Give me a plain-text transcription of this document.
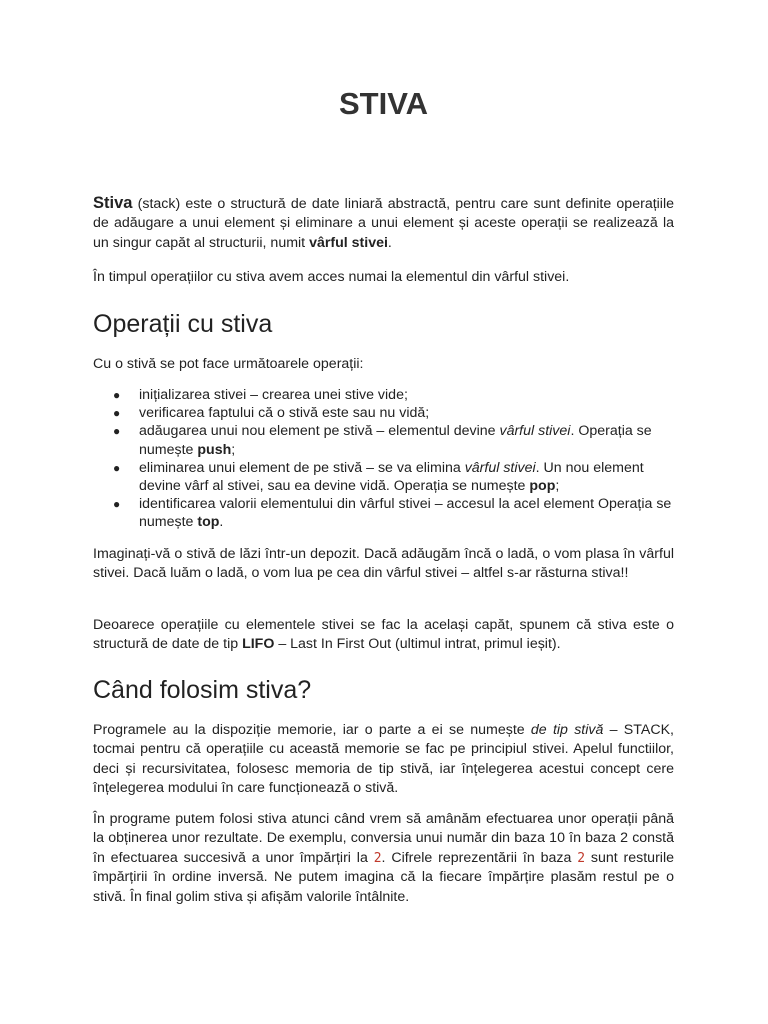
STIVA

Stiva (stack) este o structură de date liniară abstractă, pentru care sunt definite operațiile de adăugare a unui element și eliminare a unui element și aceste operații se realizează la un singur capăt al structurii, numit vârful stivei.

În timpul operațiilor cu stiva avem acces numai la elementul din vârful stivei.

Operații cu stiva

Cu o stivă se pot face următoarele operații:

● inițializarea stivei – crearea unei stive vide;
● verificarea faptului că o stivă este sau nu vidă;
● adăugarea unui nou element pe stivă – elementul devine vârful stivei. Operația se numește push;
● eliminarea unui element de pe stivă – se va elimina vârful stivei. Un nou element devine vârf al stivei, sau ea devine vidă. Operația se numește pop;
● identificarea valorii elementului din vârful stivei – accesul la acel element Operația se numește top.

Imaginați-vă o stivă de lăzi într-un depozit. Dacă adăugăm încă o ladă, o vom plasa în vârful stivei. Dacă luăm o ladă, o vom lua pe cea din vârful stivei – altfel s-ar răsturna stiva!!

Deoarece operațiile cu elementele stivei se fac la același capăt, spunem că stiva este o structură de date de tip LIFO – Last In First Out (ultimul intrat, primul ieșit).

Când folosim stiva?

Programele au la dispoziție memorie, iar o parte a ei se numește de tip stivă – STACK, tocmai pentru că operațiile cu această memorie se fac pe principiul stivei. Apelul functiilor, deci și recursivitatea, folosesc memoria de tip stivă, iar înțelegerea acestui concept cere înțelegerea modului în care funcționează o stivă.

În programe putem folosi stiva atunci când vrem să amânăm efectuarea unor operații până la obținerea unor rezultate. De exemplu, conversia unui număr din baza 10 în baza 2 constă în efectuarea succesivă a unor împărțiri la 2. Cifrele reprezentării în baza 2 sunt resturile împărțirii în ordine inversă. Ne putem imagina că la fiecare împărțire plasăm restul pe o stivă. În final golim stiva și afișăm valorile întâlnite.
